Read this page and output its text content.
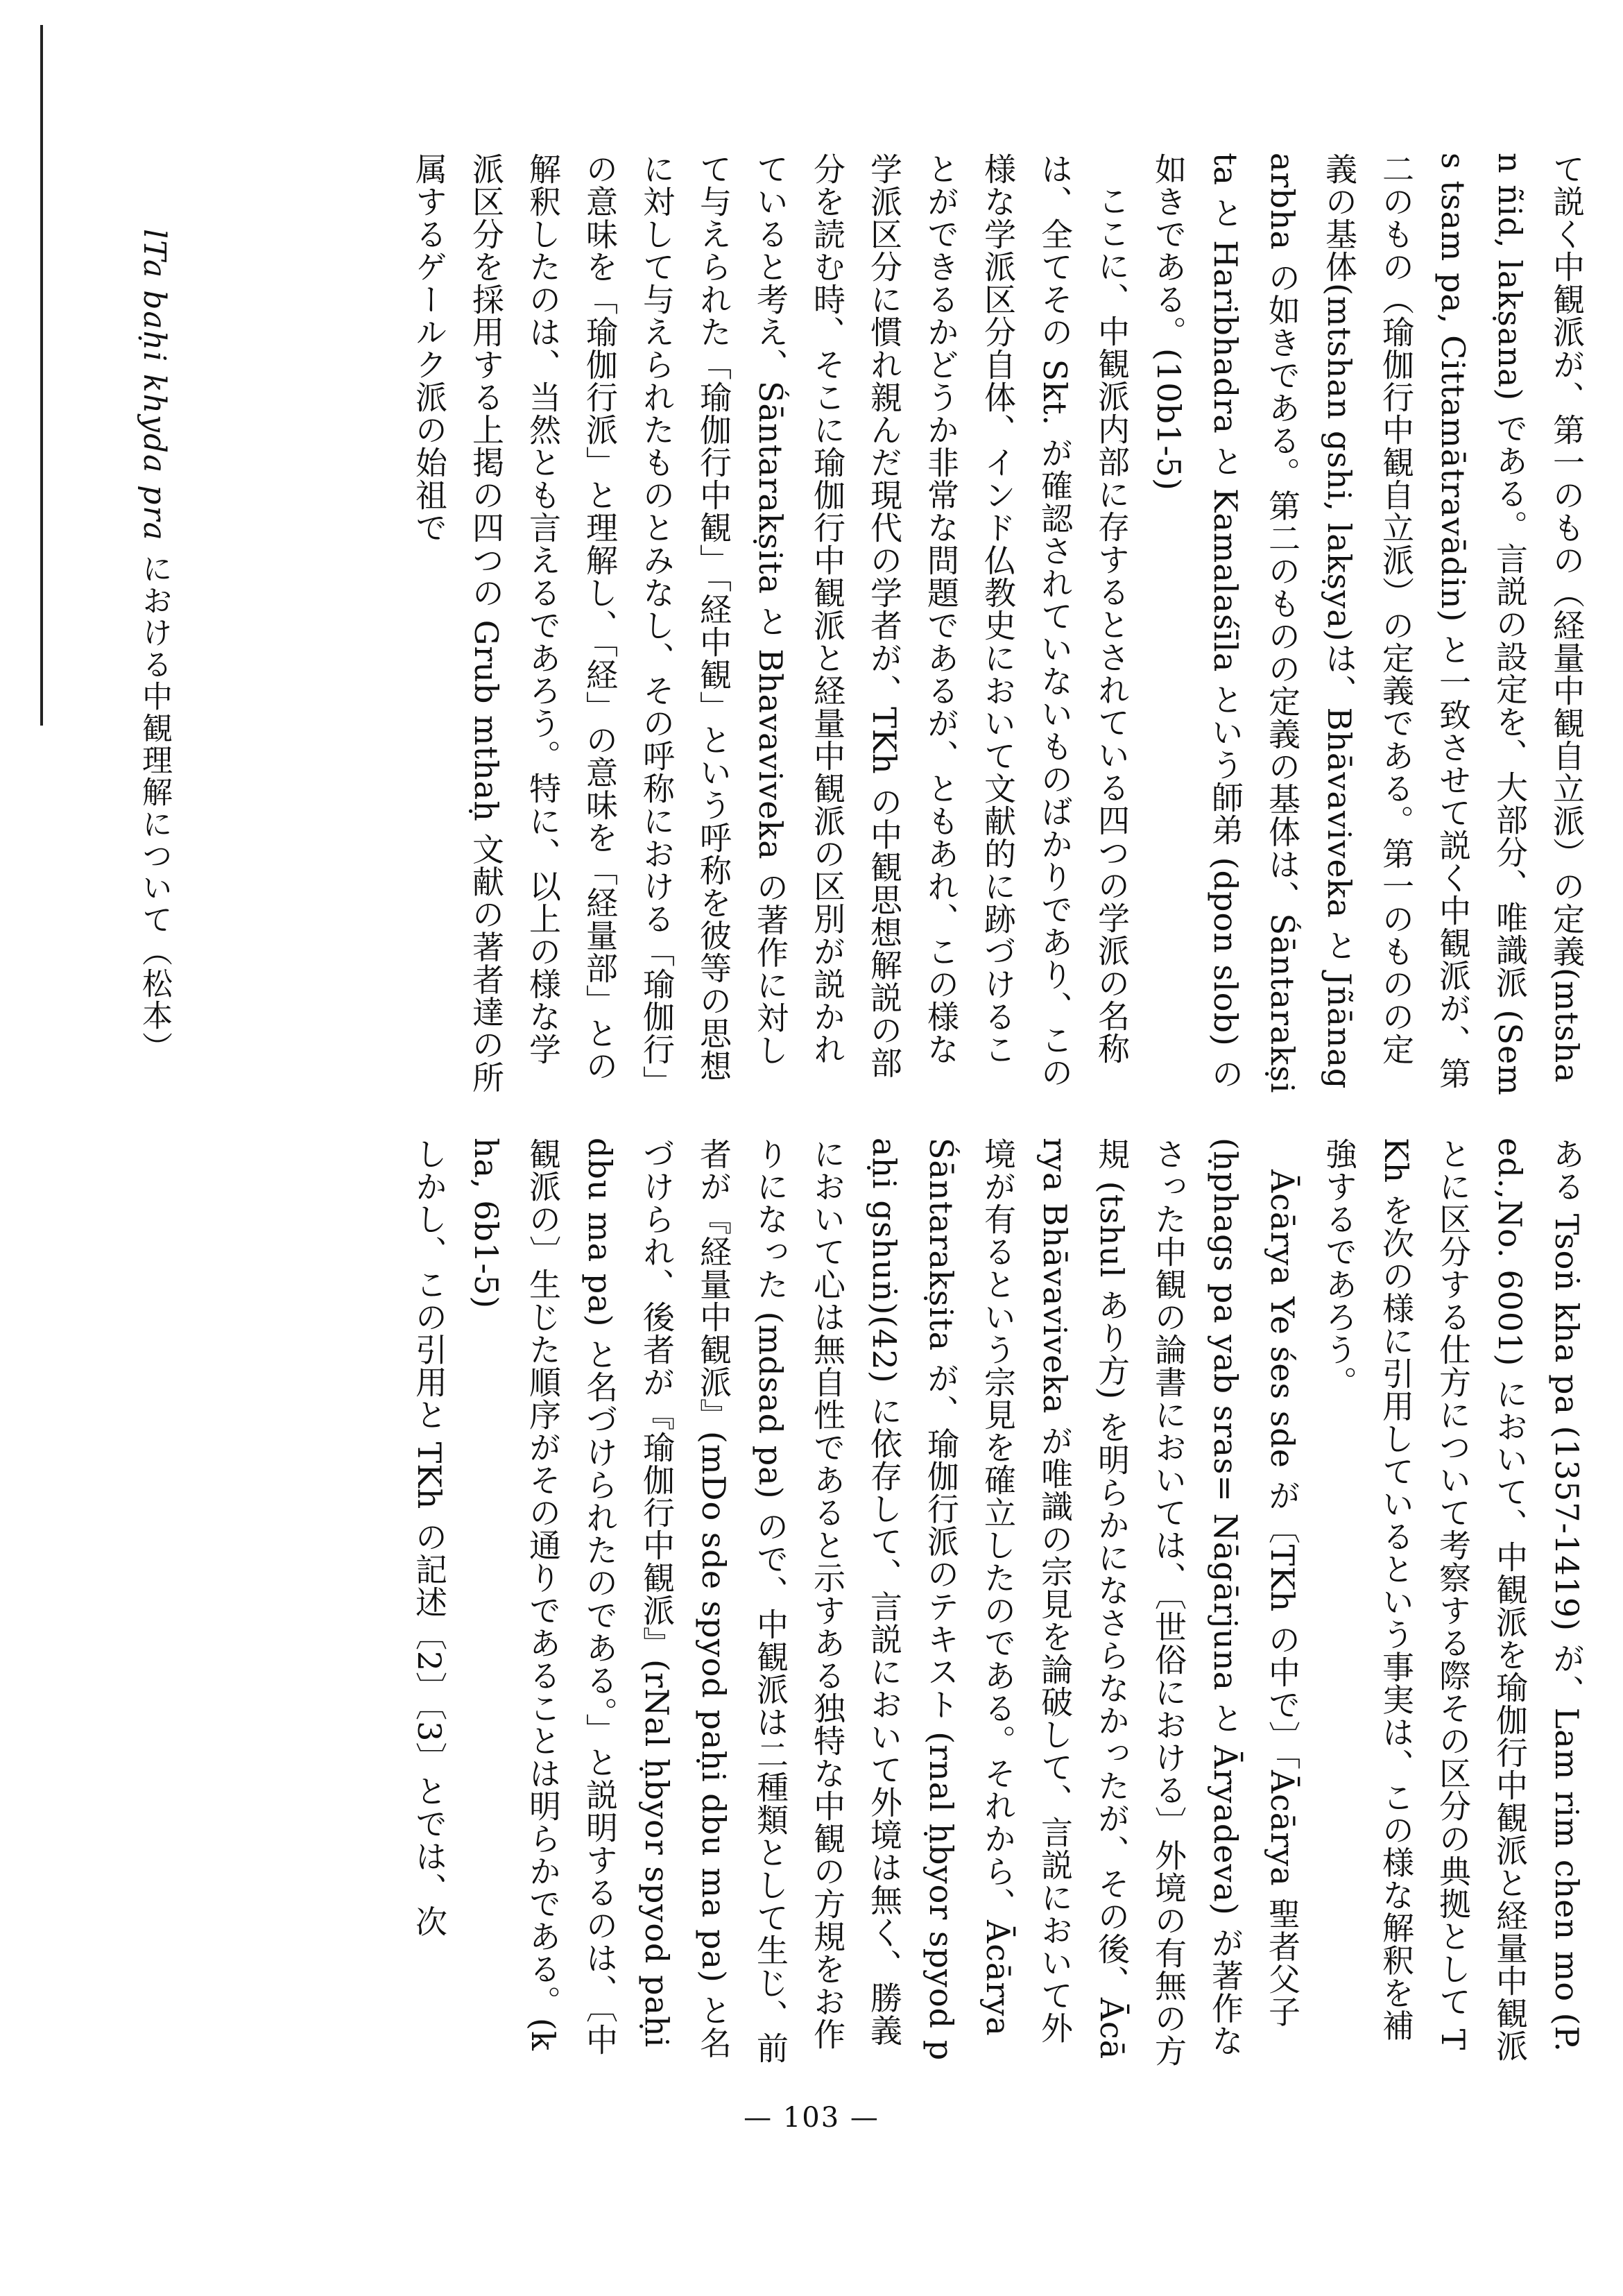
lTa baḥi khyda pra における中観理解について（松本）	て説く中観派が、第一のもの（経量中観自立派）の定義(mtshan ñid, lakṣana) である。言説の設定を、大部分、唯識派 (Sems tsam pa, Cittamātravādin) と一致させて説く中観派が、第二のもの（瑜伽行中観自立派）の定義である。第一のものの定義の基体(mtshan gshi, lakṣya)は、Bhāvaviveka と Jñānagarbha の如きである。第二のものの定義の基体は、Śāntarakṣita と Haribhadra と Kamalaśīla という師弟 (dpon slob) の如きである。(10b1-5)

ここに、中観派内部に存するとされている四つの学派の名称は、全てその Skt. が確認されていないものばかりであり、この様な学派区分自体、インド仏教史において文献的に跡づけることができるかどうか非常な問題であるが、ともあれ、この様な学派区分に慣れ親んだ現代の学者が、TKh の中観思想解説の部分を読む時、そこに瑜伽行中観派と経量中観派の区別が説かれていると考え、Śāntarakṣita と Bhavaviveka の著作に対して与えられた「瑜伽行中観」「経中観」という呼称を彼等の思想に対して与えられたものとみなし、その呼称における「瑜伽行」の意味を「瑜伽行派」と理解し、「経」の意味を「経量部」との解釈したのは、当然とも言えるであろう。特に、以上の様な学派区分を採用する上掲の四つの Grub mthaḥ 文献の著者達の所属するゲールク派の始祖で

ある Tsoṅ kha pa (1357-1419) が、Lam rim chen mo (P. ed.,No. 6001) において、中観派を瑜伽行中観派と経量中観派とに区分する仕方について考察する際その区分の典拠として TKh を次の様に引用しているという事実は、この様な解釈を補強するであろう。

Ācārya Ye śes sde が〔TKh の中で〕「Ācārya 聖者父子 (ḥphags pa yab sras= Nāgārjuna と Āryadeva) が著作なさった中観の論書においては、〔世俗における〕外境の有無の方規 (tshul あり方) を明らかになさらなかったが、その後、Ācārya Bhāvaviveka が唯識の宗見を論破して、言説において外境が有るという宗見を確立したのである。それから、Ācārya Śāntarakṣita が、瑜伽行派のテキスト (rnal ḥbyor spyod paḥi gshuṅ)(42) に依存して、言説において外境は無く、勝義において心は無自性であると示すある独特な中観の方規をお作りになった (mdsad pa) ので、中観派は二種類として生じ、前者が『経量中観派』(mDo sde spyod paḥi dbu ma pa) と名づけられ、後者が『瑜伽行中観派』(rNal ḥbyor spyod paḥi dbu ma pa) と名づけられたのである。」と説明するのは、〔中観派の〕生じた順序がその通りであることは明らかである。(kha, 6b1-5)

しかし、この引用と TKh の記述〔2〕〔3〕とでは、次

— 103 —
